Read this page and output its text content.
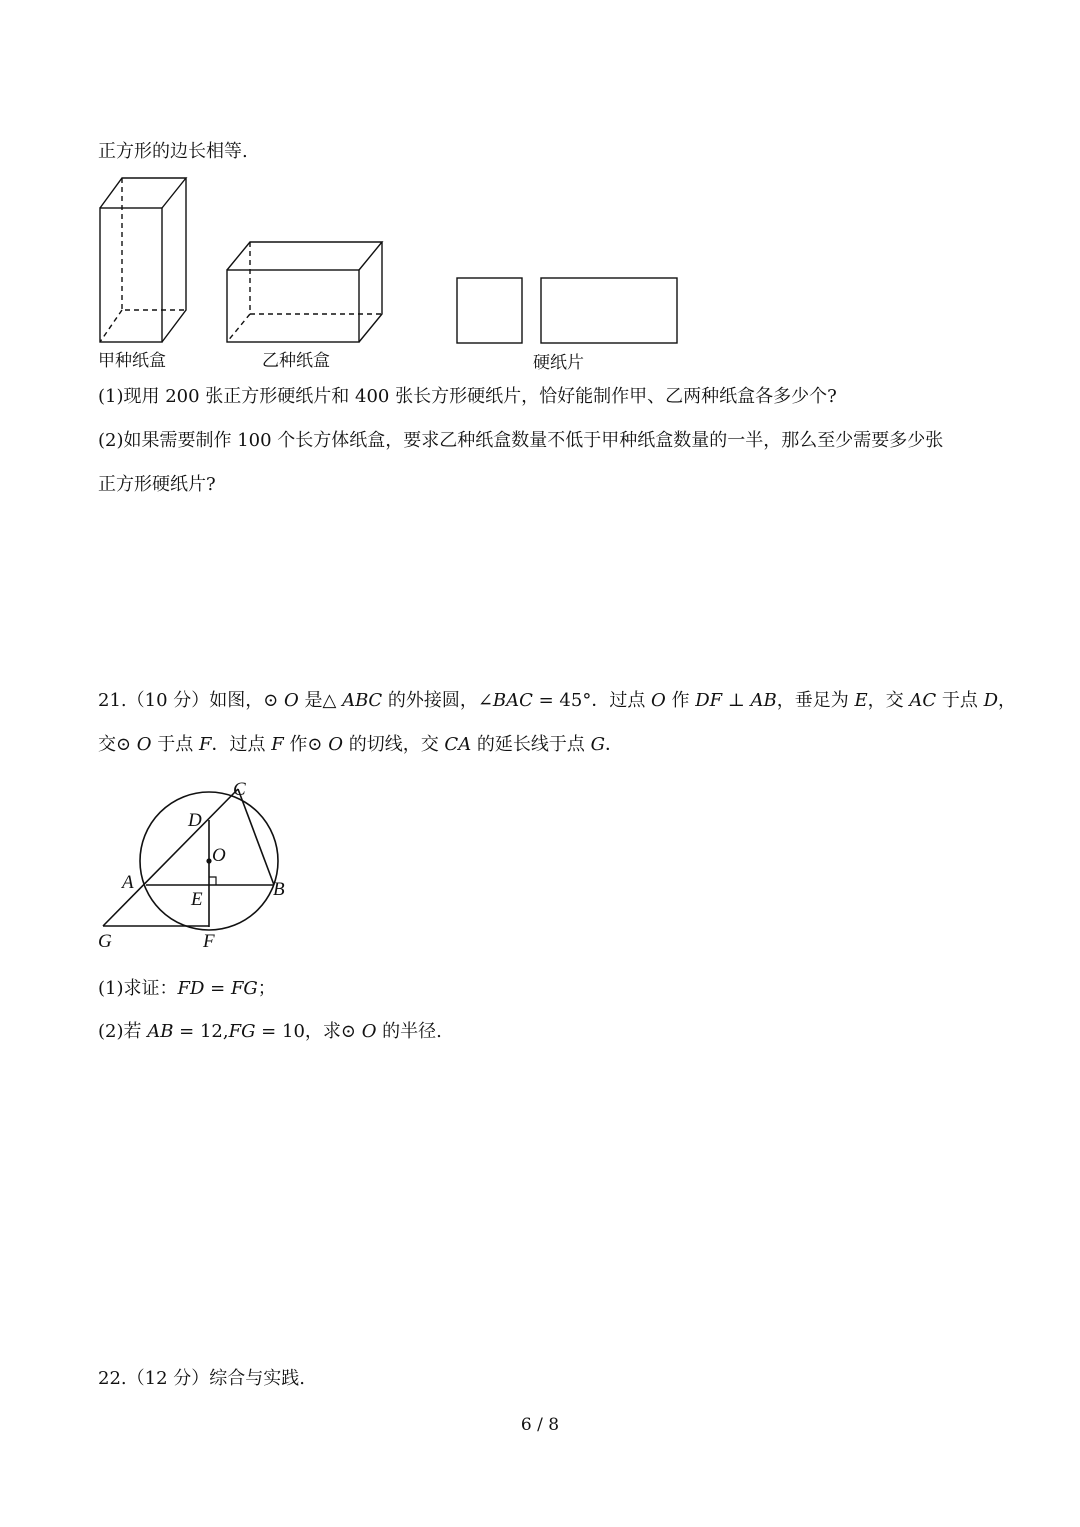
正方形的边长相等.
甲种纸盒	乙种纸盒	硬纸片
(1)现用 200 张正方形硬纸片和 400 张长方形硬纸片，恰好能制作甲、乙两种纸盒各多少个?
(2)如果需要制作 100 个长方体纸盒，要求乙种纸盒数量不低于甲种纸盒数量的一半，那么至少需要多少张
正方形硬纸片?
21.（10 分）如图，⊙ 𝑂 是△ 𝐴𝐵𝐶 的外接圆，∠𝐵𝐴𝐶 = 45°．过点 𝑂 作 𝐷𝐹 ⊥ 𝐴𝐵，垂足为 𝐸，交 𝐴𝐶 于点 𝐷，
交⊙ 𝑂 于点 𝐹．过点 𝐹 作⊙ 𝑂 的切线，交 𝐶𝐴 的延长线于点 𝐺．
C
D
O
A	B
E
G	F
(1)求证：𝐹𝐷 = 𝐹𝐺；
(2)若 𝐴𝐵 = 12,𝐹𝐺 = 10，求⊙ 𝑂 的半径.
22.（12 分）综合与实践.
6 / 8
